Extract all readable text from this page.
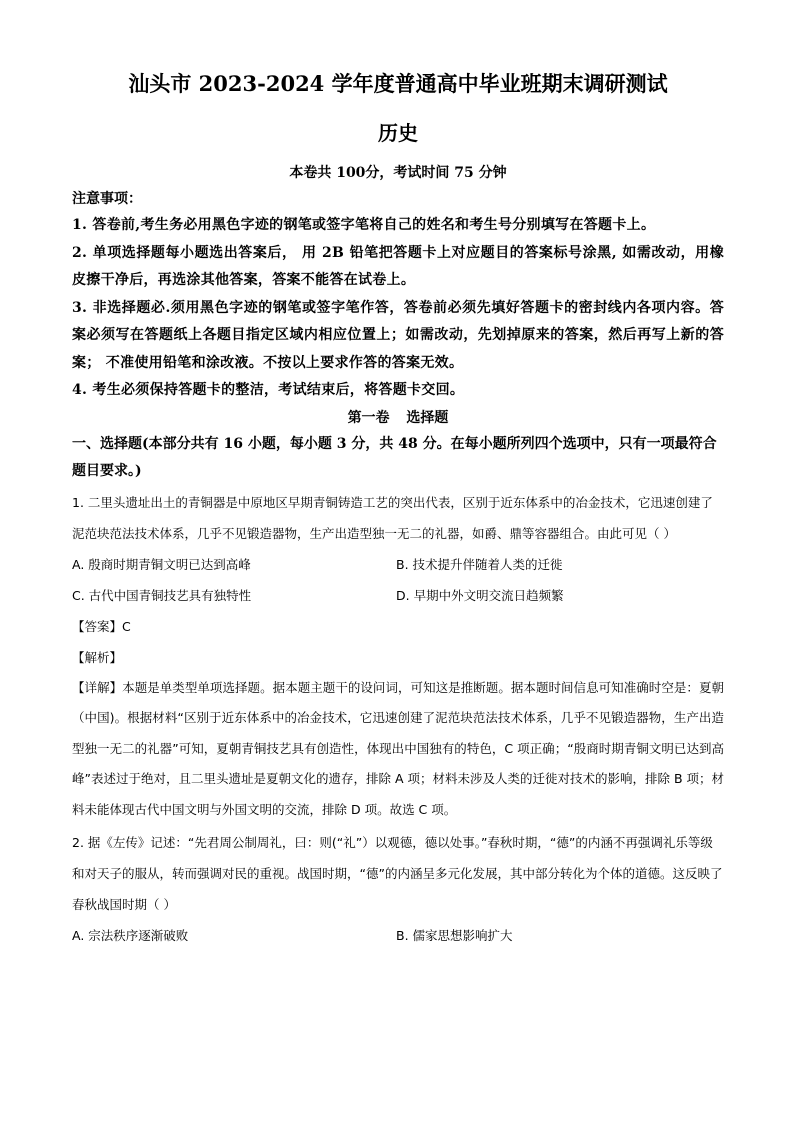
汕头市 2023-2024 学年度普通高中毕业班期末调研测试
历史
本卷共 100分，考试时间 75 分钟
注意事项：
1. 答卷前,考生务必用黑色字迹的钢笔或签字笔将自己的姓名和考生号分别填写在答题卡上。
2. 单项选择题每小题选出答案后， 用 2B 铅笔把答题卡上对应题目的答案标号涂黑, 如需改动，用橡皮擦干净后，再选涂其他答案，答案不能答在试卷上。
3. 非选择题必.须用黑色字迹的钢笔或签字笔作答，答卷前必须先填好答题卡的密封线内各项内容。答案必须写在答题纸上各题目指定区域内相应位置上；如需改动，先划掉原来的答案，然后再写上新的答案； 不准使用铅笔和涂改液。不按以上要求作答的答案无效。
4. 考生必须保持答题卡的整洁，考试结束后，将答题卡交回。
第一卷 选择题
一、选择题(本部分共有 16 小题，每小题 3 分，共 48 分。在每小题所列四个选项中，只有一项最符合题目要求。)
1. 二里头遗址出土的青铜器是中原地区早期青铜铸造工艺的突出代表，区别于近东体系中的冶金技术，它迅速创建了泥范块范法技术体系，几乎不见锻造器物，生产出造型独一无二的礼器，如爵、鼎等容器组合。由此可见（ ）
A. 殷商时期青铜文明已达到高峰	B. 技术提升伴随着人类的迁徙
C. 古代中国青铜技艺具有独特性	D. 早期中外文明交流日趋频繁
【答案】C
【解析】
【详解】本题是单类型单项选择题。据本题主题干的设问词，可知这是推断题。据本题时间信息可知准确时空是：夏朝（中国)。根据材料“区别于近东体系中的冶金技术，它迅速创建了泥范块范法技术体系，几乎不见锻造器物，生产出造型独一无二的礼器”可知，夏朝青铜技艺具有创造性，体现出中国独有的特色，C 项正确；“殷商时期青铜文明已达到高峰”表述过于绝对，且二里头遗址是夏朝文化的遗存，排除 A 项；材料未涉及人类的迁徙对技术的影响，排除 B 项；材料未能体现古代中国文明与外国文明的交流，排除 D 项。故选 C 项。
2. 据《左传》记述：“先君周公制周礼，曰：则(“礼”）以观德，德以处事。”春秋时期，“德”的内涵不再强调礼乐等级和对天子的服从，转而强调对民的重视。战国时期，“德”的内涵呈多元化发展，其中部分转化为个体的道德。这反映了春秋战国时期（ ）
A. 宗法秩序逐渐破败	B. 儒家思想影响扩大
